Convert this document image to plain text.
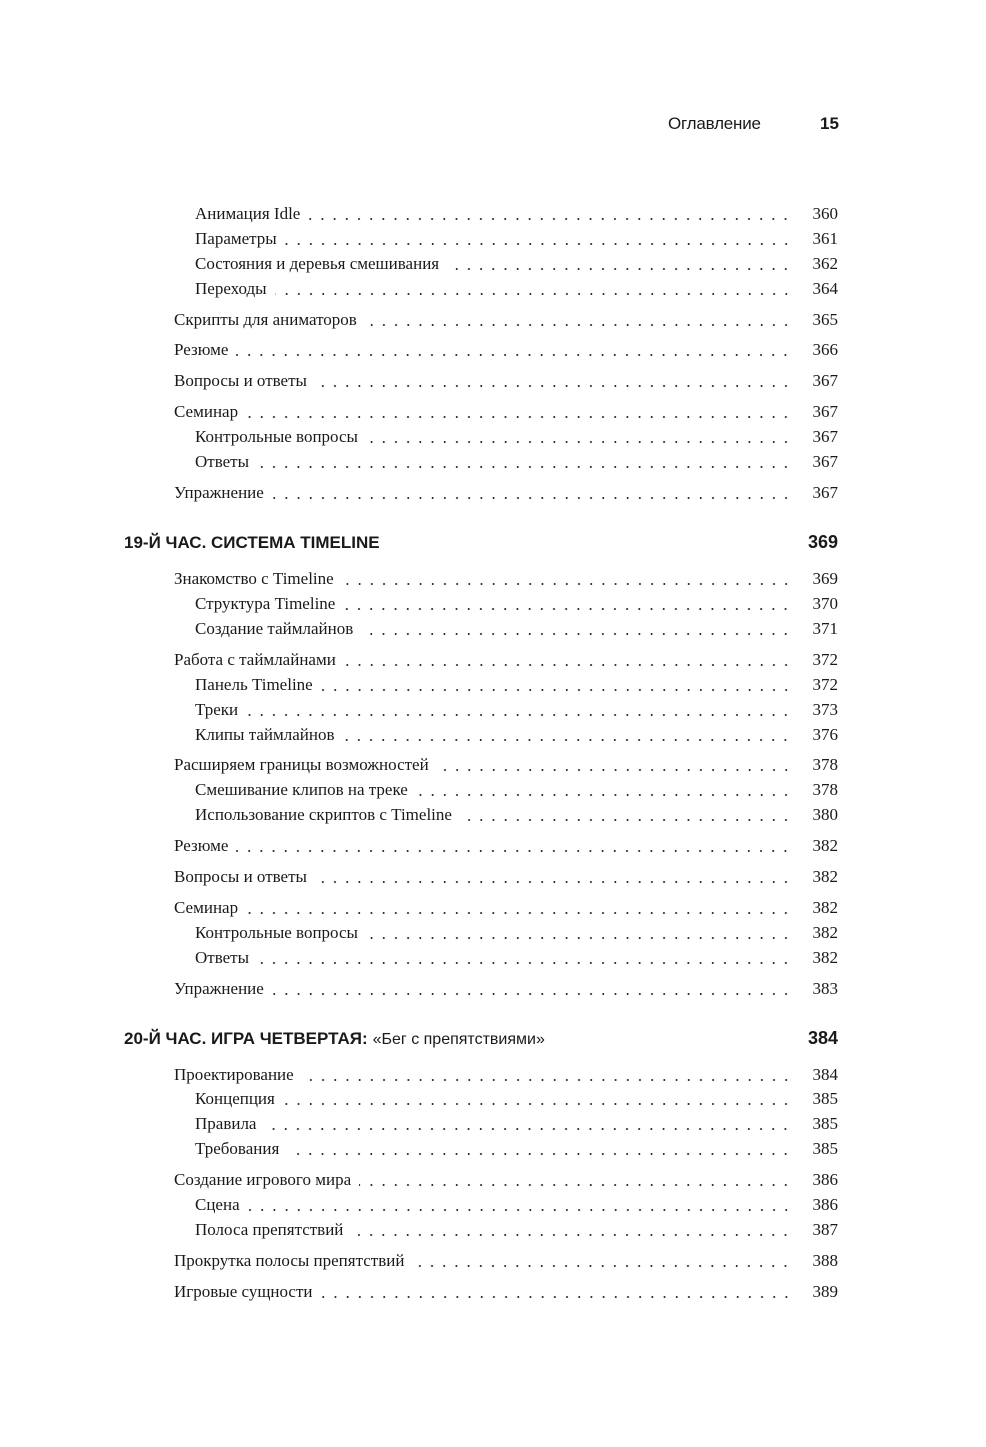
Оглавление	15
Анимация Idle	360
Параметры	361
Состояния и деревья смешивания	362
Переходы	364
Скрипты для аниматоров	365
Резюме	366
Вопросы и ответы	367
Семинар	367
Контрольные вопросы	367
Ответы	367
Упражнение	367
19-Й ЧАС. СИСТЕМА TIMELINE	369
Знакомство с Timeline	369
Структура Timeline	370
Создание таймлайнов	371
Работа с таймлайнами	372
Панель Timeline	372
Треки	373
Клипы таймлайнов	376
Расширяем границы возможностей	378
Смешивание клипов на треке	378
Использование скриптов с Timeline	380
Резюме	382
Вопросы и ответы	382
Семинар	382
Контрольные вопросы	382
Ответы	382
Упражнение	383
20-Й ЧАС. ИГРА ЧЕТВЕРТАЯ: «Бег с препятствиями»	384
Проектирование	384
Концепция	385
Правила	385
Требования	385
Создание игрового мира	386
Сцена	386
Полоса препятствий	387
Прокрутка полосы препятствий	388
Игровые сущности	389
